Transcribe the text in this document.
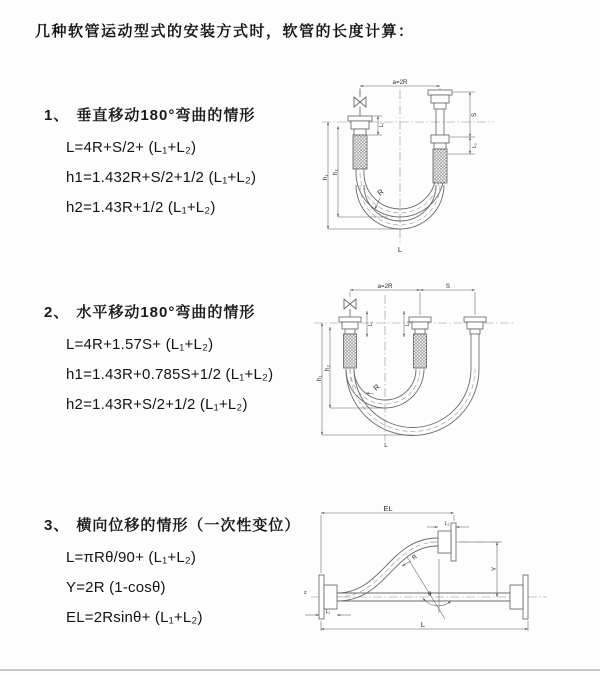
几种软管运动型式的安装方式时，软管的长度计算：
1、 垂直移动180°弯曲的情形
L=4R+S/2+ (L₁+L₂)
h1=1.432R+S/2+1/2 (L₁+L₂)
h2=1.43R+1/2 (L₁+L₂)
2、 水平移动180°弯曲的情形
L=4R+1.57S+ (L₁+L₂)
h1=1.43R+0.785S+1/2 (L₁+L₂)
h2=1.43R+S/2+1/2 (L₁+L₂)
3、 横向位移的情形（一次性变位）
L=πRθ/90+ (L₁+L₂)
Y=2R (1-cosθ)
EL=2Rsinθ+ (L₁+L₂)
a=2R
S
L₂
L₁
h₁
h₂
R
L
a=2R	S
L₁	L₂
h₁
h₂
R
L
EL
L₂
Y
L
L₁
R
θ
z
